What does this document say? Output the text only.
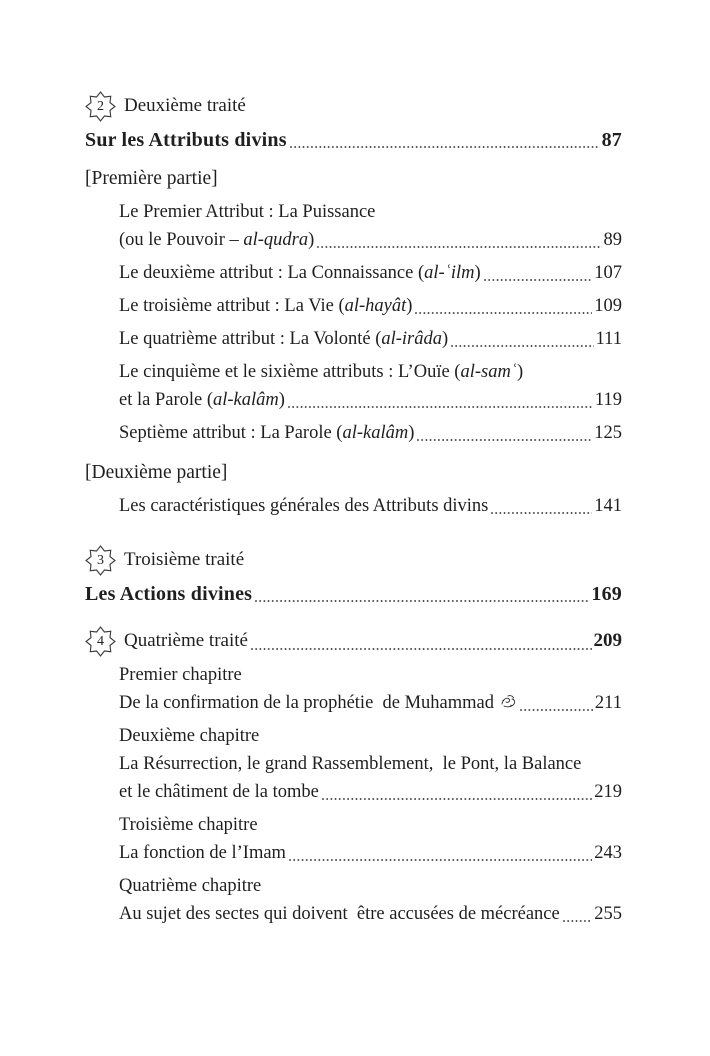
2 Deuxième traité
Sur les Attributs divins	87
[Première partie]
Le Premier Attribut : La Puissance
(ou le Pouvoir – al-qudra )	89
Le deuxième attribut : La Connaissance ( al-ʿilm )	107
Le troisième attribut : La Vie ( al-hayât )	109
Le quatrième attribut : La Volonté ( al-irâda )	111
Le cinquième et le sixième attributs : L’Ouïe ( al-samʿ )
et la Parole ( al-kalâm )	119
Septième attribut : La Parole ( al-kalâm )	125
[Deuxième partie]
Les caractéristiques générales des Attributs divins	141
3 Troisième traité
Les Actions divines	169
4 Quatrième traité	209
Premier chapitre
De la confirmation de la prophétie  de Muhammad	211
Deuxième chapitre
La Résurrection, le grand Rassemblement,  le Pont, la Balance
et le châtiment de la tombe	219
Troisième chapitre
La fonction de l’Imam	243
Quatrième chapitre
Au sujet des sectes qui doivent  être accusées de mécréance 255
